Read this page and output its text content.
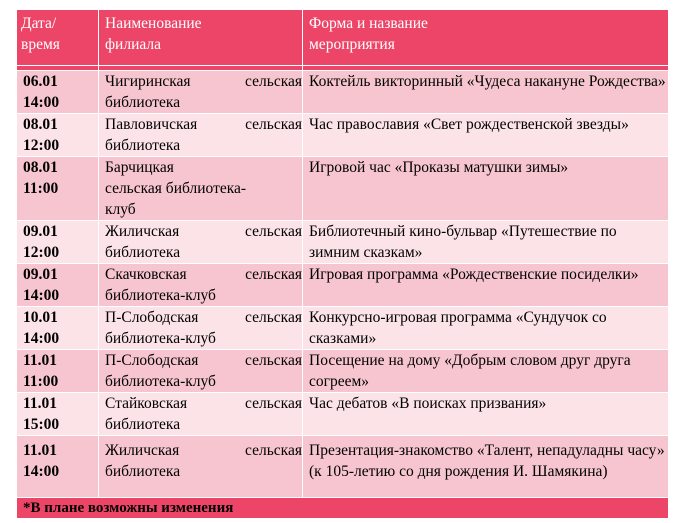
Дата/
время	Наименование
филиала	Форма и название
мероприятия

06.01
14:00	Чигиринская сельская библиотека	Коктейль викторинный «Чудеса накануне Рождества»
08.01
12:00	Павловичская сельская библиотека	Час православия «Свет рождественской звезды»
08.01
11:00	Барчицкая
сельская библиотека-
клуб	Игровой час «Проказы матушки зимы»
09.01
12:00	Жиличская сельская библиотека	Библиотечный кино-бульвар «Путешествие по зимним сказкам»
09.01
14:00	Скачковская сельская библиотека-клуб	Игровая программа «Рождественские посиделки»
10.01
14:00	П-Слободская сельская библиотека-клуб	Конкурсно-игровая программа «Сундучок со сказками»
11.01
11:00	П-Слободская сельская библиотека-клуб	Посещение на дому «Добрым словом друг друга согреем»
11.01
15:00	Стайковская сельская библиотека	Час дебатов «В поисках призвания»
11.01
14:00	Жиличская сельская библиотека	Презентация-знакомство «Талент, непадуладны часу» (к 105-летию со дня рождения И. Шамякина)
*В плане возможны изменения		
